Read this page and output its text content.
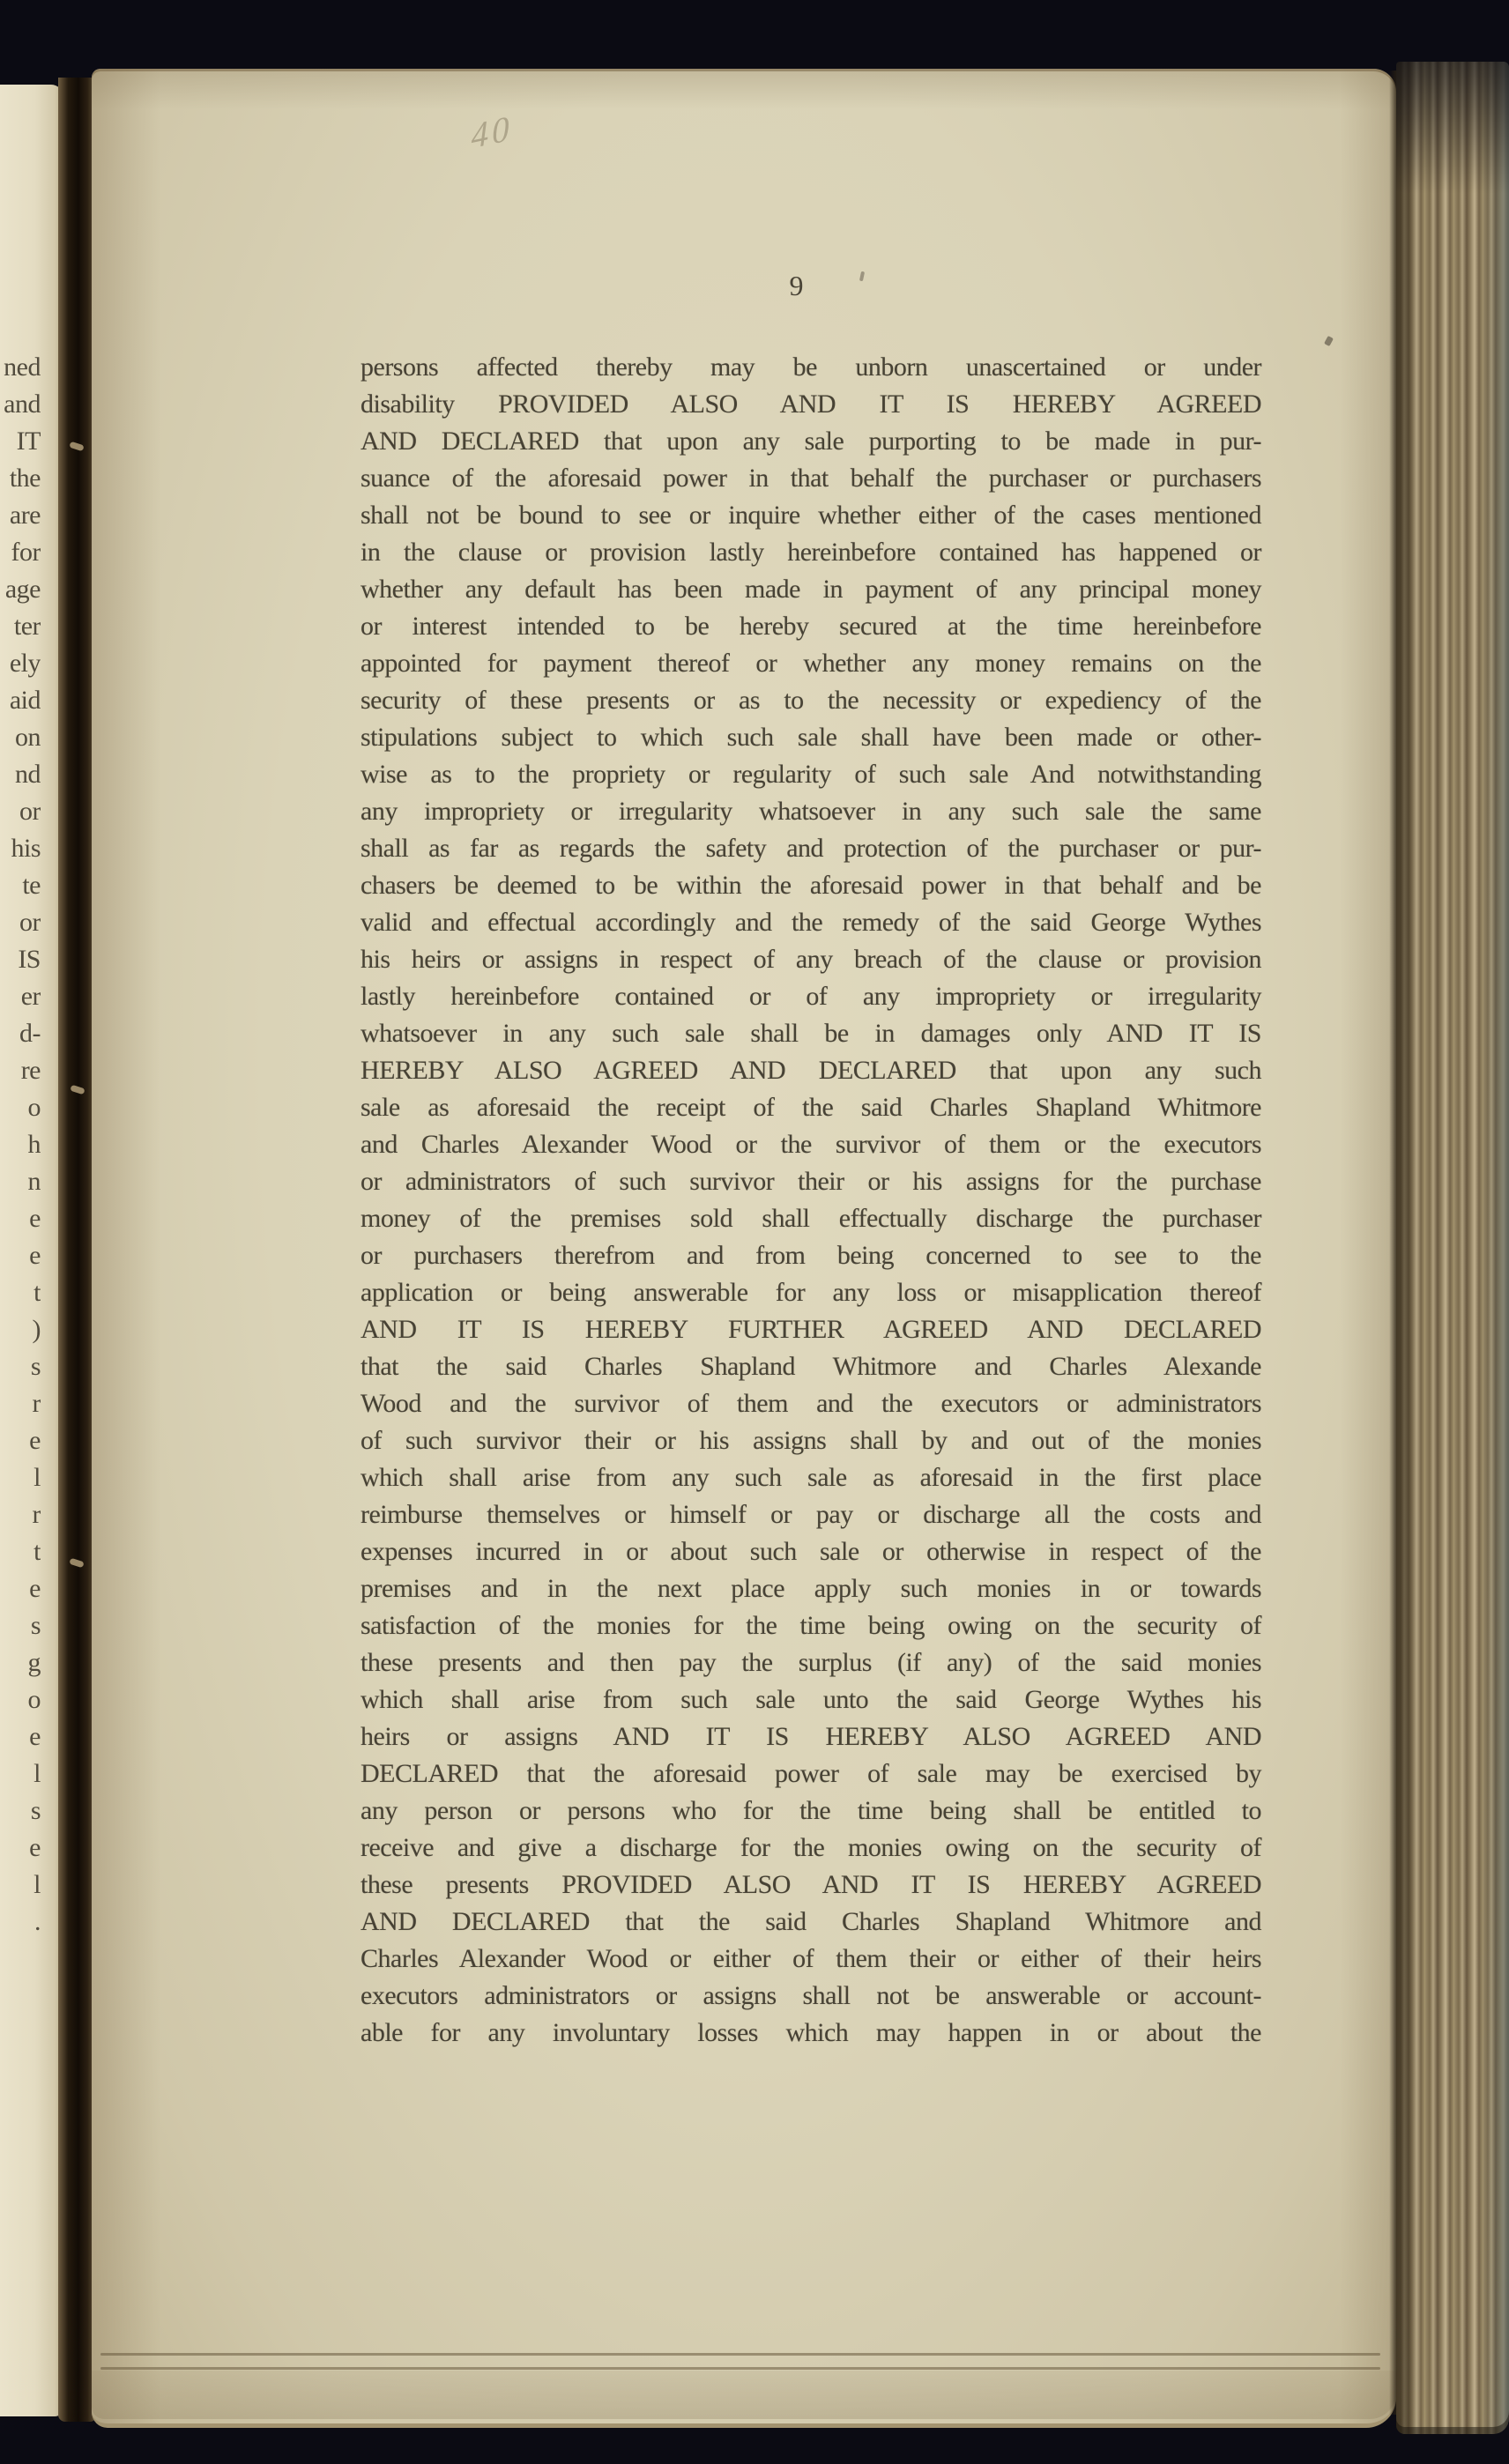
ned
and
IT
the
are
for
age
ter
ely
aid
on
nd
or
his
te
or
IS
er
d-
re
o
h
n
e
e
t
)
s
r
e
l
r
t
e
s
g
o
e
l
s
e
l
.
40
9
persons affected thereby may be unborn unascertained or under
disability PROVIDED ALSO AND IT IS HEREBY AGREED
AND DECLARED that upon any sale purporting to be made in pur-
suance of the aforesaid power in that behalf the purchaser or purchasers
shall not be bound to see or inquire whether either of the cases mentioned
in the clause or provision lastly hereinbefore contained has happened or
whether any default has been made in payment of any principal money
or interest intended to be hereby secured at the time hereinbefore
appointed for payment thereof or whether any money remains on the
security of these presents or as to the necessity or expediency of the
stipulations subject to which such sale shall have been made or other-
wise as to the propriety or regularity of such sale And notwithstanding
any impropriety or irregularity whatsoever in any such sale the same
shall as far as regards the safety and protection of the purchaser or pur-
chasers be deemed to be within the aforesaid power in that behalf and be
valid and effectual accordingly and the remedy of the said George Wythes
his heirs or assigns in respect of any breach of the clause or provision
lastly hereinbefore contained or of any impropriety or irregularity
whatsoever in any such sale shall be in damages only AND IT IS
HEREBY ALSO AGREED AND DECLARED that upon any such
sale as aforesaid the receipt of the said Charles Shapland Whitmore
and Charles Alexander Wood or the survivor of them or the executors
or administrators of such survivor their or his assigns for the purchase
money of the premises sold shall effectually discharge the purchaser
or purchasers therefrom and from being concerned to see to the
application or being answerable for any loss or misapplication thereof
AND IT IS HEREBY FURTHER AGREED AND DECLARED
that the said Charles Shapland Whitmore and Charles Alexande
Wood and the survivor of them and the executors or administrators
of such survivor their or his assigns shall by and out of the monies
which shall arise from any such sale as aforesaid in the first place
reimburse themselves or himself or pay or discharge all the costs and
expenses incurred in or about such sale or otherwise in respect of the
premises and in the next place apply such monies in or towards
satisfaction of the monies for the time being owing on the security of
these presents and then pay the surplus (if any) of the said monies
which shall arise from such sale unto the said George Wythes his
heirs or assigns AND IT IS HEREBY ALSO AGREED AND
DECLARED that the aforesaid power of sale may be exercised by
any person or persons who for the time being shall be entitled to
receive and give a discharge for the monies owing on the security of
these presents PROVIDED ALSO AND IT IS HEREBY AGREED
AND DECLARED that the said Charles Shapland Whitmore and
Charles Alexander Wood or either of them their or either of their heirs
executors administrators or assigns shall not be answerable or account-
able for any involuntary losses which may happen in or about the
